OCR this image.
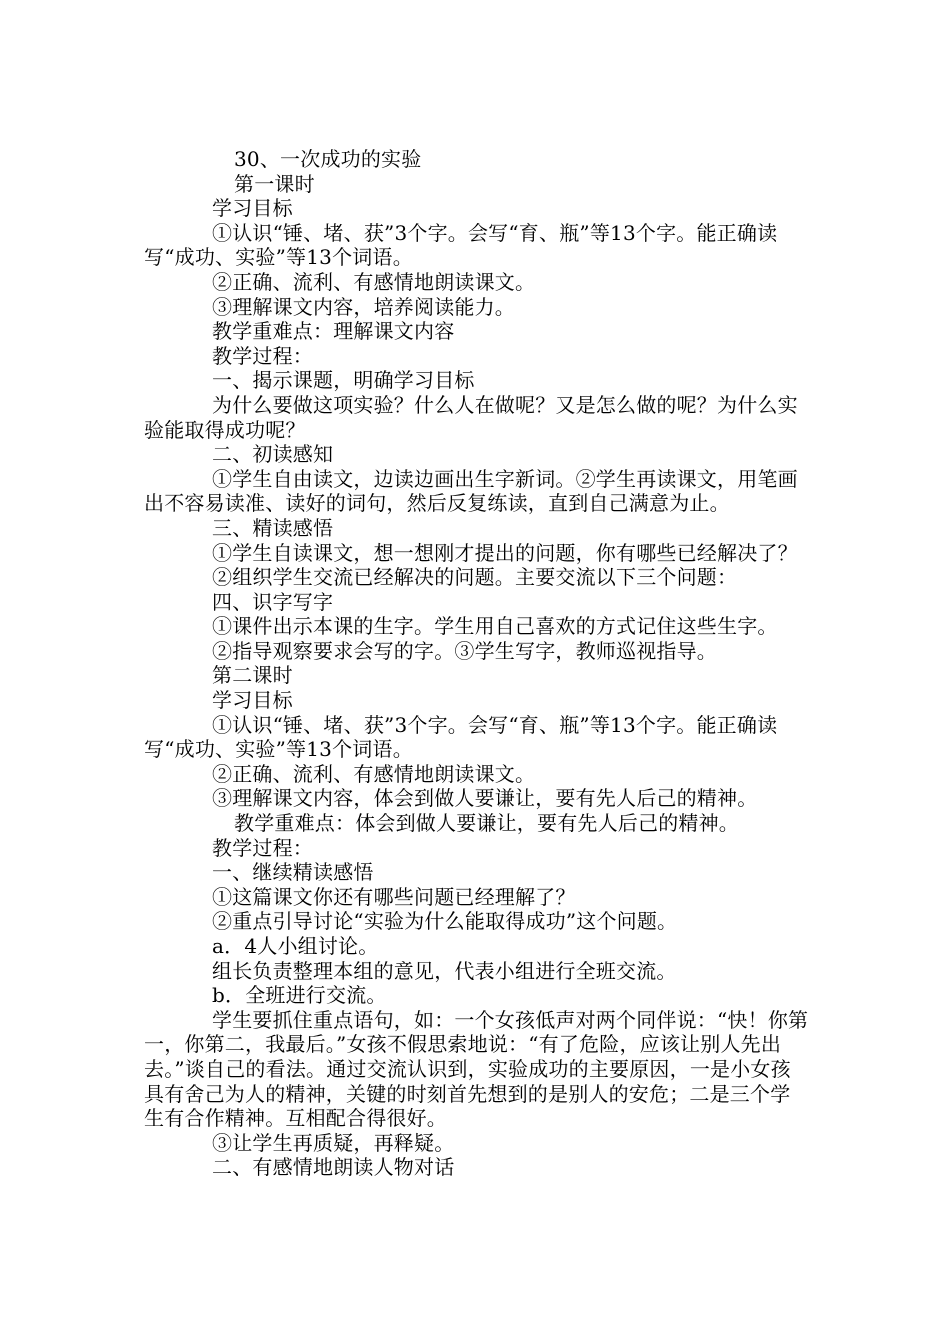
30、一次成功的实验

第一课时

学习目标

①认识“锤、堵、获”3个字。会写“育、瓶”等13个字。能正确读写“成功、实验”等13个词语。

②正确、流利、有感情地朗读课文。

③理解课文内容，培养阅读能力。

教学重难点：理解课文内容

教学过程：

一、揭示课题，明确学习目标

为什么要做这项实验？什么人在做呢？又是怎么做的呢？为什么实验能取得成功呢？

二、初读感知

①学生自由读文，边读边画出生字新词。②学生再读课文，用笔画出不容易读准、读好的词句，然后反复练读，直到自己满意为止。

三、精读感悟

①学生自读课文，想一想刚才提出的问题，你有哪些已经解决了？

②组织学生交流已经解决的问题。主要交流以下三个问题：

四、识字写字

①课件出示本课的生字。学生用自己喜欢的方式记住这些生字。

②指导观察要求会写的字。③学生写字，教师巡视指导。

第二课时

学习目标

①认识“锤、堵、获”3个字。会写“育、瓶”等13个字。能正确读写“成功、实验”等13个词语。

②正确、流利、有感情地朗读课文。

③理解课文内容，体会到做人要谦让，要有先人后己的精神。

教学重难点：体会到做人要谦让，要有先人后己的精神。

教学过程：

一、继续精读感悟

①这篇课文你还有哪些问题已经理解了？

②重点引导讨论“实验为什么能取得成功”这个问题。

a．4人小组讨论。

组长负责整理本组的意见，代表小组进行全班交流。

b．全班进行交流。

学生要抓住重点语句，如：一个女孩低声对两个同伴说：“快！你第一，你第二，我最后。”女孩不假思索地说：“有了危险，应该让别人先出去。”谈自己的看法。通过交流认识到，实验成功的主要原因，一是小女孩具有舍己为人的精神，关键的时刻首先想到的是别人的安危；二是三个学生有合作精神。互相配合得很好。

③让学生再质疑，再释疑。

二、有感情地朗读人物对话
